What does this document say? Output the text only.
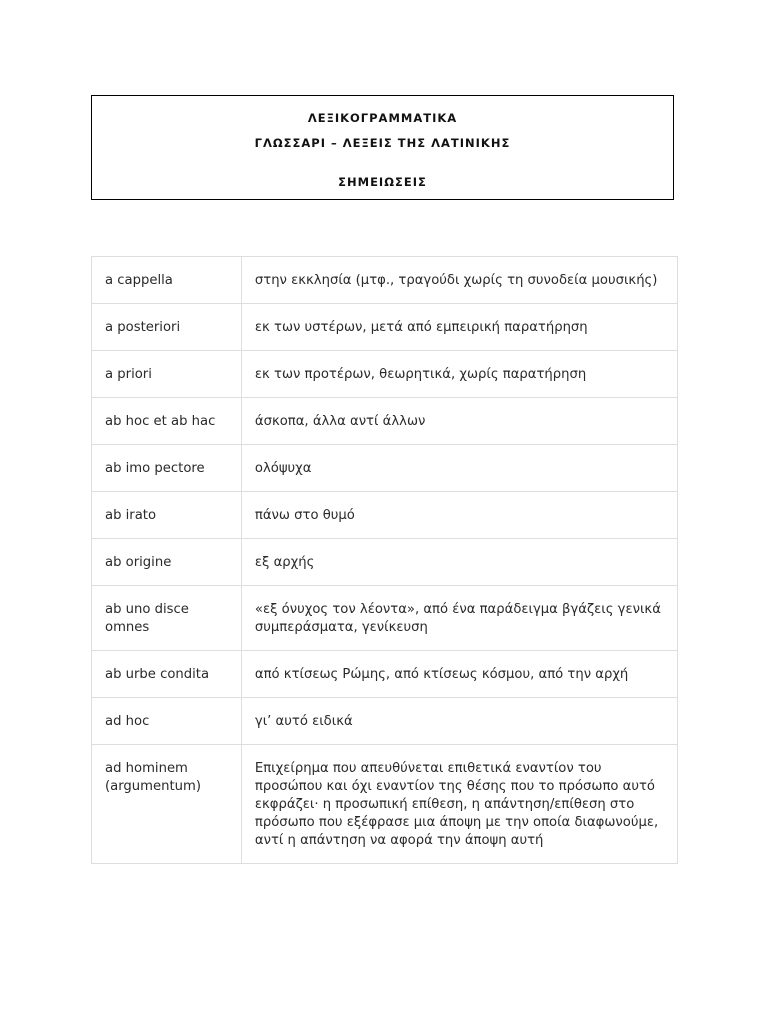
ΛΕΞΙΚΟΓΡΑΜΜΑΤΙΚΑ
ΓΛΩΣΣΑΡΙ – ΛΕΞΕΙΣ ΤΗΣ ΛΑΤΙΝΙΚΗΣ
ΣΗΜΕΙΩΣΕΙΣ
a cappella	στην εκκλησία (μτφ., τραγούδι χωρίς τη συνοδεία μουσικής)
a posteriori	εκ των υστέρων, μετά από εμπειρική παρατήρηση
a priori	εκ των προτέρων, θεωρητικά, χωρίς παρατήρηση
ab hoc et ab hac	άσκοπα, άλλα αντί άλλων
ab imo pectore	ολόψυχα
ab irato	πάνω στο θυμό
ab origine	εξ αρχής
ab uno disce omnes	«εξ όνυχος τον λέοντα», από ένα παράδειγμα βγάζεις γενικά συμπεράσματα, γενίκευση
ab urbe condita	από κτίσεως Ρώμης, από κτίσεως κόσμου, από την αρχή
ad hoc	γι’ αυτό ειδικά
ad hominem (argumentum)	Επιχείρημα που απευθύνεται επιθετικά εναντίον του προσώπου και όχι εναντίον της θέσης που το πρόσωπο αυτό εκφράζει· η προσωπική επίθεση, η απάντηση/επίθεση στο πρόσωπο που εξέφρασε μια άποψη με την οποία διαφωνούμε, αντί η απάντηση να αφορά την άποψη αυτή
